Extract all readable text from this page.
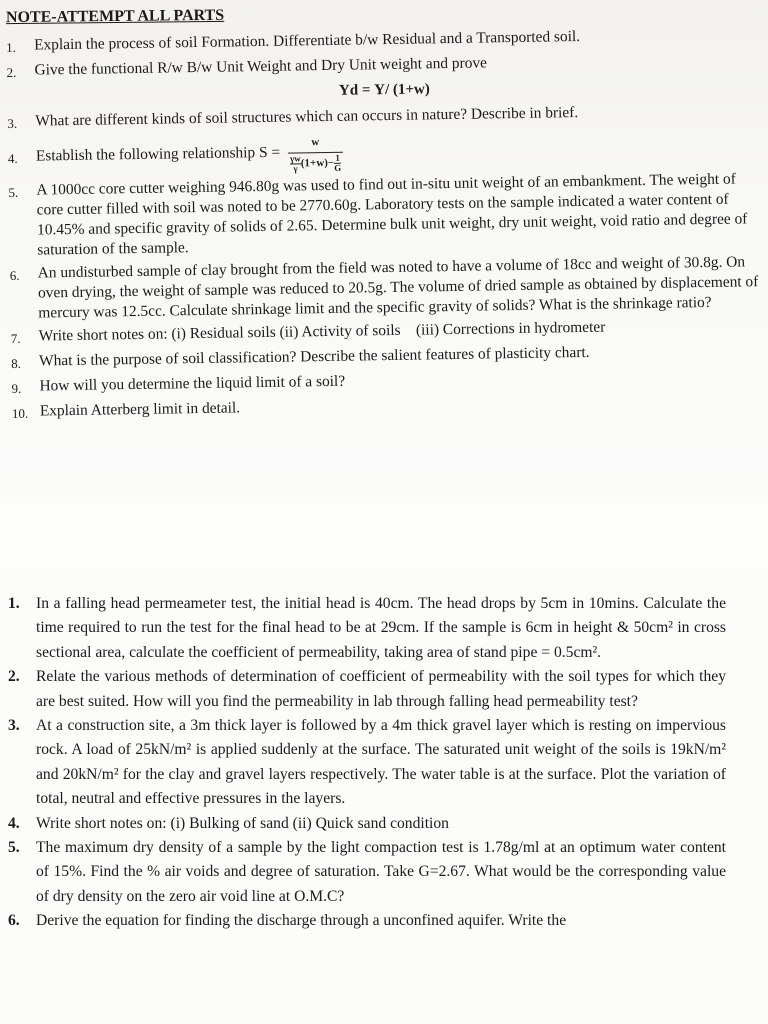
NOTE-ATTEMPT ALL PARTS
1.	Explain the process of soil Formation. Differentiate b/w Residual and a Transported soil.
2.	Give the functional R/w B/w Unit Weight and Dry Unit weight and prove
Υd = Υ/ (1+w)
3.	What are different kinds of soil structures which can occurs in nature? Describe in brief.
4.	Establish the following relationship $S = \frac{w}{\frac{\gamma w}{\gamma} (1+w)- \frac{1}{G}}$
5.	A 1000cc core cutter weighing 946.80g was used to find out in-situ unit weight of an embankment. The weight of core cutter filled with soil was noted to be 2770.60g. Laboratory tests on the sample indicated a water content of 10.45% and specific gravity of solids of 2.65. Determine bulk unit weight, dry unit weight, void ratio and degree of saturation of the sample.
6.	An undisturbed sample of clay brought from the field was noted to have a volume of 18cc and weight of 30.8g. On oven drying, the weight of sample was reduced to 20.5g. The volume of dried sample as obtained by displacement of mercury was 12.5cc. Calculate shrinkage limit and the specific gravity of solids? What is the shrinkage ratio?
7.	Write short notes on: (i) Residual soils (ii) Activity of soils    (iii) Corrections in hydrometer
8.	What is the purpose of soil classification? Describe the salient features of plasticity chart.
9.	How will you determine the liquid limit of a soil?
10. Explain Atterberg limit in detail.
1.	In a falling head permeameter test, the initial head is 40cm. The head drops by 5cm in 10mins. Calculate the time required to run the test for the final head to be at 29cm. If the sample is 6cm in height & 50cm² in cross sectional area, calculate the coefficient of permeability, taking area of stand pipe = 0.5cm².
2.	Relate the various methods of determination of coefficient of permeability with the soil types for which they are best suited. How will you find the permeability in lab through falling head permeability test?
3.	At a construction site, a 3m thick layer is followed by a 4m thick gravel layer which is resting on impervious rock. A load of 25kN/m² is applied suddenly at the surface. The saturated unit weight of the soils is 19kN/m² and 20kN/m² for the clay and gravel layers respectively. The water table is at the surface. Plot the variation of total, neutral and effective pressures in the layers.
4.	Write short notes on: (i) Bulking of sand (ii) Quick sand condition
5.	The maximum dry density of a sample by the light compaction test is 1.78g/ml at an optimum water content of 15%. Find the % air voids and degree of saturation. Take G=2.67. What would be the corresponding value of dry density on the zero air void line at O.M.C?
6.	Derive the equation for finding the discharge through a unconfined aquifer. Write the
